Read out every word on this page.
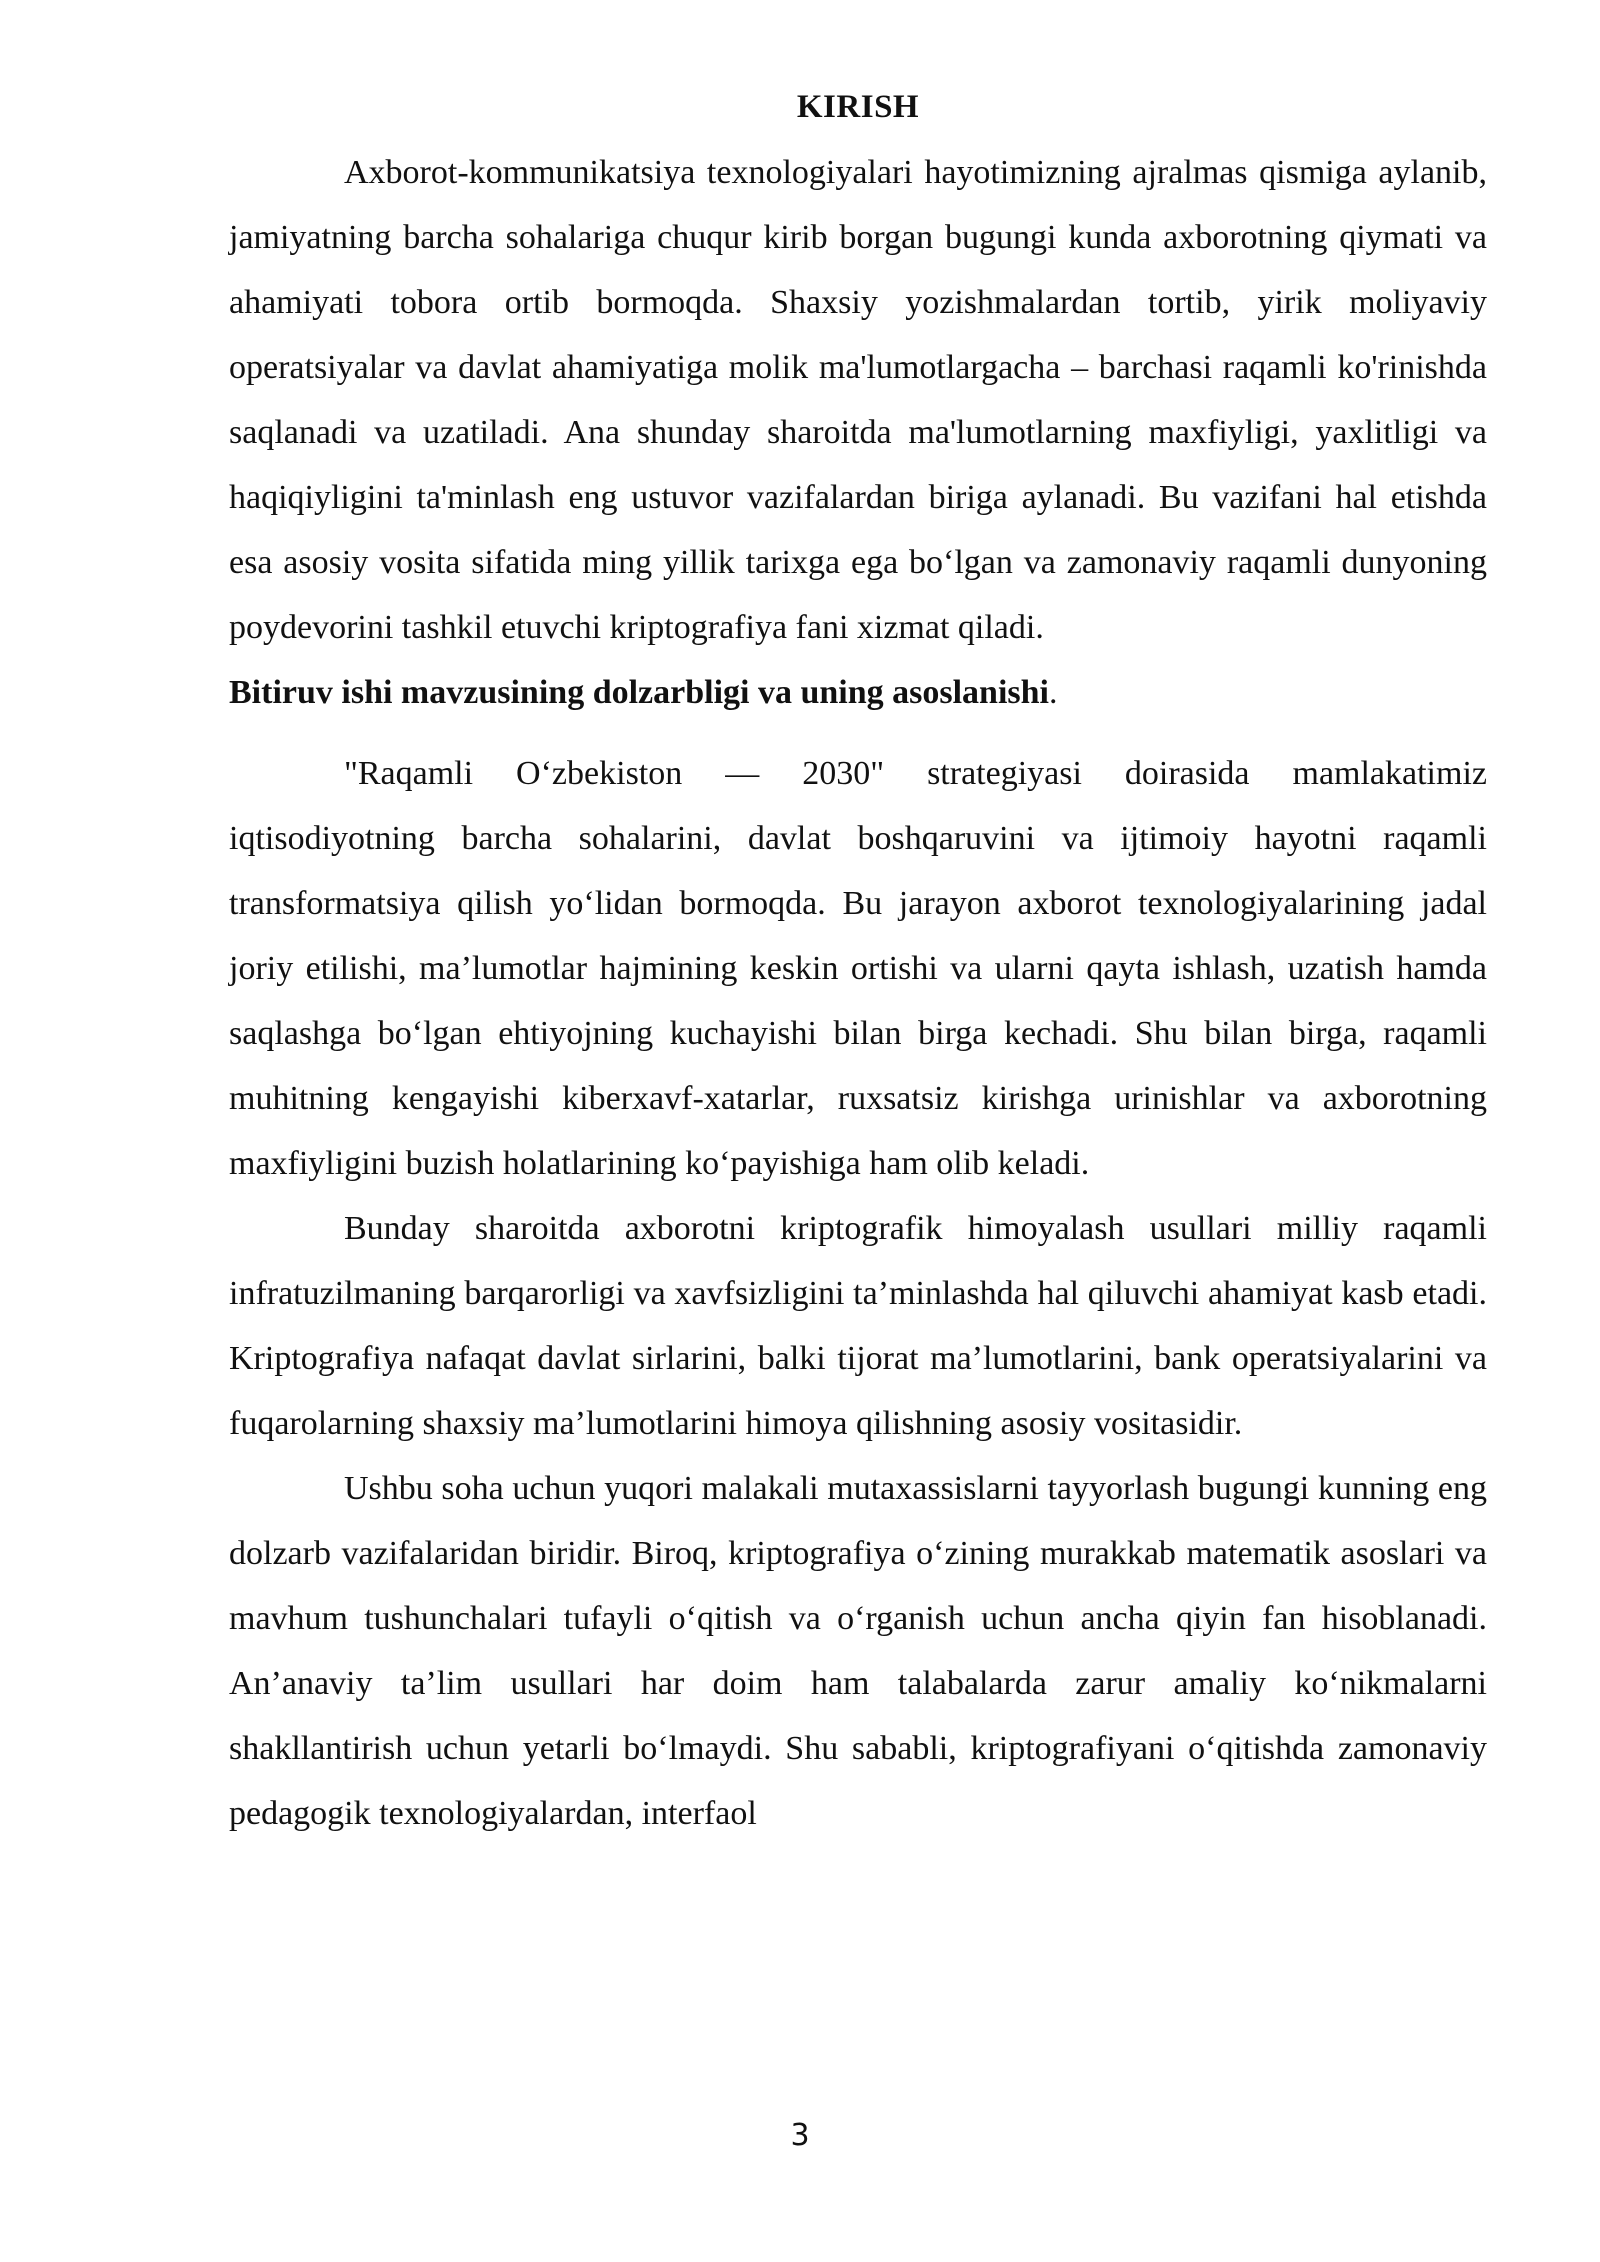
KIRISH

Axborot-kommunikatsiya texnologiyalari hayotimizning ajralmas qismiga aylanib, jamiyatning barcha sohalariga chuqur kirib borgan bugungi kunda axborotning qiymati va ahamiyati tobora ortib bormoqda. Shaxsiy yozishmalardan tortib, yirik moliyaviy operatsiyalar va davlat ahamiyatiga molik ma'lumotlargacha – barchasi raqamli ko'rinishda saqlanadi va uzatiladi. Ana shunday sharoitda ma'lumotlarning maxfiyligi, yaxlitligi va haqiqiyligini ta'minlash eng ustuvor vazifalardan biriga aylanadi. Bu vazifani hal etishda esa asosiy vosita sifatida ming yillik tarixga ega bo‘lgan va zamonaviy raqamli dunyoning poydevorini tashkil etuvchi kriptografiya fani xizmat qiladi.

Bitiruv ishi mavzusining dolzarbligi va uning asoslanishi.

"Raqamli O‘zbekiston — 2030" strategiyasi doirasida mamlakatimiz iqtisodiyotning barcha sohalarini, davlat boshqaruvini va ijtimoiy hayotni raqamli transformatsiya qilish yo‘lidan bormoqda. Bu jarayon axborot texnologiyalarining jadal joriy etilishi, ma’lumotlar hajmining keskin ortishi va ularni qayta ishlash, uzatish hamda saqlashga bo‘lgan ehtiyojning kuchayishi bilan birga kechadi. Shu bilan birga, raqamli muhitning kengayishi kiberxavf-xatarlar, ruxsatsiz kirishga urinishlar va axborotning maxfiyligini buzish holatlarining ko‘payishiga ham olib keladi.

Bunday sharoitda axborotni kriptografik himoyalash usullari milliy raqamli infratuzilmaning barqarorligi va xavfsizligini ta’minlashda hal qiluvchi ahamiyat kasb etadi. Kriptografiya nafaqat davlat sirlarini, balki tijorat ma’lumotlarini, bank operatsiyalarini va fuqarolarning shaxsiy ma’lumotlarini himoya qilishning asosiy vositasidir.

Ushbu soha uchun yuqori malakali mutaxassislarni tayyorlash bugungi kunning eng dolzarb vazifalaridan biridir. Biroq, kriptografiya o‘zining murakkab matematik asoslari va mavhum tushunchalari tufayli o‘qitish va o‘rganish uchun ancha qiyin fan hisoblanadi. An’anaviy ta’lim usullari har doim ham talabalarda zarur amaliy ko‘nikmalarni shakllantirish uchun yetarli bo‘lmaydi. Shu sababli, kriptografiyani o‘qitishda zamonaviy pedagogik texnologiyalardan, interfaol

3
